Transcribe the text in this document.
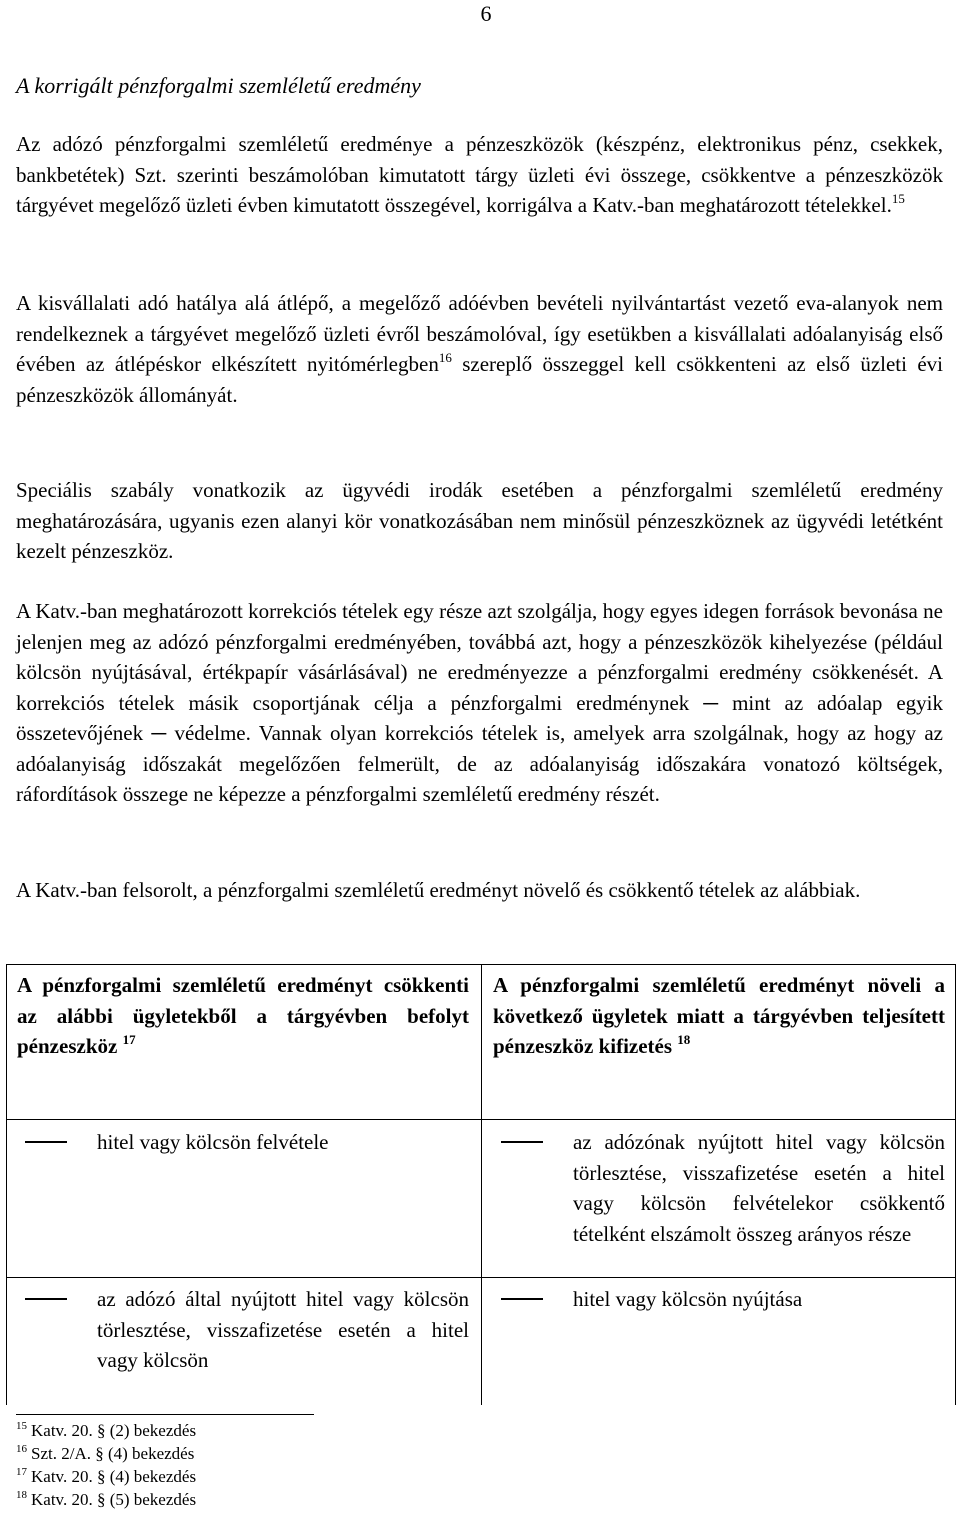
6
A korrigált pénzforgalmi szemléletű eredmény

Az adózó pénzforgalmi szemléletű eredménye a pénzeszközök (készpénz, elektronikus pénz, csekkek, bankbetétek) Szt. szerinti beszámolóban kimutatott tárgy üzleti évi összege, csökkentve a pénzeszközök tárgyévet megelőző üzleti évben kimutatott összegével, korrigálva a Katv.-ban meghatározott tételekkel.$^{15}$

A kisvállalati adó hatálya alá átlépő, a megelőző adóévben bevételi nyilvántartást vezető eva-alanyok nem rendelkeznek a tárgyévet megelőző üzleti évről beszámolóval, így esetükben a kisvállalati adóalanyiság első évében az átlépéskor elkészített nyitómérlegben$^{16}$ szereplő összeggel kell csökkenteni az első üzleti évi pénzeszközök állományát.

Speciális szabály vonatkozik az ügyvédi irodák esetében a pénzforgalmi szemléletű eredmény meghatározására, ugyanis ezen alanyi kör vonatkozásában nem minősül pénzeszköznek az ügyvédi letétként kezelt pénzeszköz.

A Katv.-ban meghatározott korrekciós tételek egy része azt szolgálja, hogy egyes idegen források bevonása ne jelenjen meg az adózó pénzforgalmi eredményében, továbbá azt, hogy a pénzeszközök kihelyezése (például kölcsön nyújtásával, értékpapír vásárlásával) ne eredményezze a pénzforgalmi eredmény csökkenését. A korrekciós tételek másik csoportjának célja a pénzforgalmi eredménynek ─ mint az adóalap egyik összetevőjének ─ védelme. Vannak olyan korrekciós tételek is, amelyek arra szolgálnak, hogy az hogy az adóalanyiság időszakát megelőzően felmerült, de az adóalanyiság időszakára vonatozó költségek, ráfordítások összege ne képezze a pénzforgalmi szemléletű eredmény részét.

A Katv.-ban felsorolt, a pénzforgalmi szemléletű eredményt növelő és csökkentő tételek az alábbiak.

A pénzforgalmi szemléletű eredményt csökkenti az alábbi ügyletekből a tárgyévben befolyt pénzeszköz $^{17}$

A pénzforgalmi szemléletű eredményt növeli a következő ügyletek miatt a tárgyévben teljesített pénzeszköz kifizetés $^{18}$

hitel vagy kölcsön felvétele	az adózónak nyújtott hitel vagy kölcsön törlesztése, visszafizetése esetén a hitel vagy kölcsön felvételekor csökkentő tételként elszámolt összeg arányos része

az adózó által nyújtott hitel vagy kölcsön törlesztése, visszafizetése esetén a hitel vagy kölcsön

hitel vagy kölcsön nyújtása

$^{15}$ Katv. 20. § (2) bekezdés
$^{16}$ Szt. 2/A. § (4) bekezdés
$^{17}$ Katv. 20. § (4) bekezdés
$^{18}$ Katv. 20. § (5) bekezdés
